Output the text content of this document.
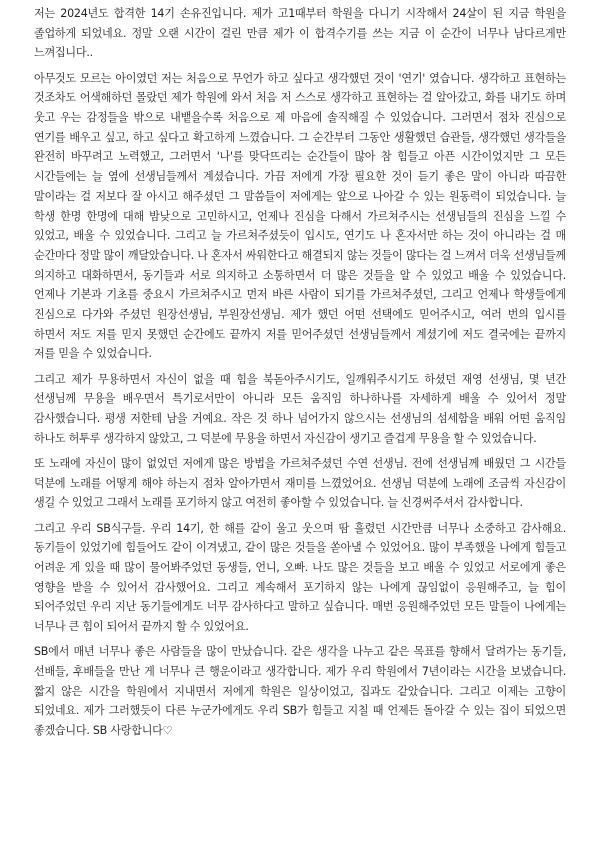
저는 2024년도 합격한 14기 손유진입니다. 제가 고1때부터 학원을 다니기 시작해서 24살이 된 지금 학원을 졸업하게 되었네요. 정말 오랜 시간이 걸린 만큼 제가 이 합격수기를 쓰는 지금 이 순간이 너무나 남다르게만 느껴집니다..

아무것도 모르는 아이였던 저는 처음으로 무언가 하고 싶다고 생각했던 것이 '연기' 였습니다. 생각하고 표현하는 것조차도 어색해하던 몰랐던 제가 학원에 와서 처음 저 스스로 생각하고 표현하는 걸 알아갔고, 화를 내기도 하며 웃고 우는 감정들을 밖으로 내뱉을수록 처음으로 제 마음에 솔직해질 수 있었습니다. 그러면서 점차 진심으로 연기를 배우고 싶고, 하고 싶다고 확고하게 느꼈습니다. 그 순간부터 그동안 생활했던 습관들, 생각했던 생각들을 완전히 바꾸려고 노력했고, 그러면서 '나'를 맞닥뜨리는 순간들이 많아 참 힘들고 아픈 시간이었지만 그 모든 시간들에는 늘 옆에 선생님들께서 계셨습니다. 가끔 저에게 가장 필요한 것이 듣기 좋은 말이 아니라 따끔한 말이라는 걸 저보다 잘 아시고 해주셨던 그 말씀들이 저에게는 앞으로 나아갈 수 있는 원동력이 되었습니다. 늘 학생 한명 한명에 대해 밤낮으로 고민하시고, 언제나 진심을 다해서 가르쳐주시는 선생님들의 진심을 느낄 수 있었고, 배울 수 있었습니다. 그리고 늘 가르쳐주셨듯이 입시도, 연기도 나 혼자서만 하는 것이 아니라는 걸 매 순간마다 정말 많이 깨달았습니다. 나 혼자서 싸워한다고 해결되지 않는 것들이 많다는 걸 느껴서 더욱 선생님들께 의지하고 대화하면서, 동기들과 서로 의지하고 소통하면서 더 많은 것들을 알 수 있었고 배울 수 있었습니다. 언제나 기본과 기초를 중요시 가르쳐주시고 먼저 바른 사람이 되기를 가르쳐주셨던, 그리고 언제나 학생들에게 진심으로 다가와 주셨던 원장선생님, 부원장선생님. 제가 했던 어떤 선택에도 믿어주시고, 여러 번의 입시를 하면서 저도 저를 믿지 못했던 순간에도 끝까지 저를 믿어주셨던 선생님들께서 계셨기에 저도 결국에는 끝까지 저를 믿을 수 있었습니다.

그리고 제가 무용하면서 자신이 없을 때 힘을 북돋아주시기도, 일깨워주시기도 하셨던 재영 선생님, 몇 년간 선생님께 무용을 배우면서 특기로서만이 아니라 모든 움직임 하나하나를 자세하게 배울 수 있어서 정말 감사했습니다. 평생 저한테 남을 거예요. 작은 것 하나 넘어가지 않으시는 선생님의 섬세함을 배워 어떤 움직임 하나도 허투루 생각하지 않았고, 그 덕분에 무용을 하면서 자신감이 생기고 즐겁게 무용을 할 수 있었습니다.

또 노래에 자신이 많이 없었던 저에게 많은 방법을 가르쳐주셨던 수연 선생님. 전에 선생님께 배웠던 그 시간들 덕분에 노래를 어떻게 해야 하는지 점차 알아가면서 재미를 느꼈었어요. 선생님 덕분에 노래에 조금씩 자신감이 생길 수 있었고 그래서 노래를 포기하지 않고 여전히 좋아할 수 있었습니다. 늘 신경써주셔서 감사합니다.

그리고 우리 SB식구들. 우리 14기, 한 해를 같이 울고 웃으며 땀 흘렸던 시간만큼 너무나 소중하고 감사해요. 동기들이 있었기에 힘들어도 같이 이겨냈고, 같이 많은 것들을 쏟아낼 수 있었어요. 많이 부족했을 나에게 힘들고 어려운 게 있을 때 많이 물어봐주었던 동생들, 언니, 오빠. 나도 많은 것들을 보고 배울 수 있었고 서로에게 좋은 영향을 받을 수 있어서 감사했어요. 그리고 계속해서 포기하지 않는 나에게 끊임없이 응원해주고, 늘 힘이 되어주었던 우리 지난 동기들에게도 너무 감사하다고 말하고 싶습니다. 매번 응원해주었던 모든 말들이 나에게는 너무나 큰 힘이 되어서 끝까지 할 수 있었어요.

SB에서 매년 너무나 좋은 사람들을 많이 만났습니다. 같은 생각을 나누고 같은 목표를 향해서 달려가는 동기들, 선배들, 후배들을 만난 게 너무나 큰 행운이라고 생각합니다. 제가 우리 학원에서 7년이라는 시간을 보냈습니다. 짧지 않은 시간을 학원에서 지내면서 저에게 학원은 일상이었고, 집과도 같았습니다. 그리고 이제는 고향이 되었네요. 제가 그러했듯이 다른 누군가에게도 우리 SB가 힘들고 지칠 때 언제든 돌아갈 수 있는 집이 되었으면 좋겠습니다. SB 사랑합니다♡
